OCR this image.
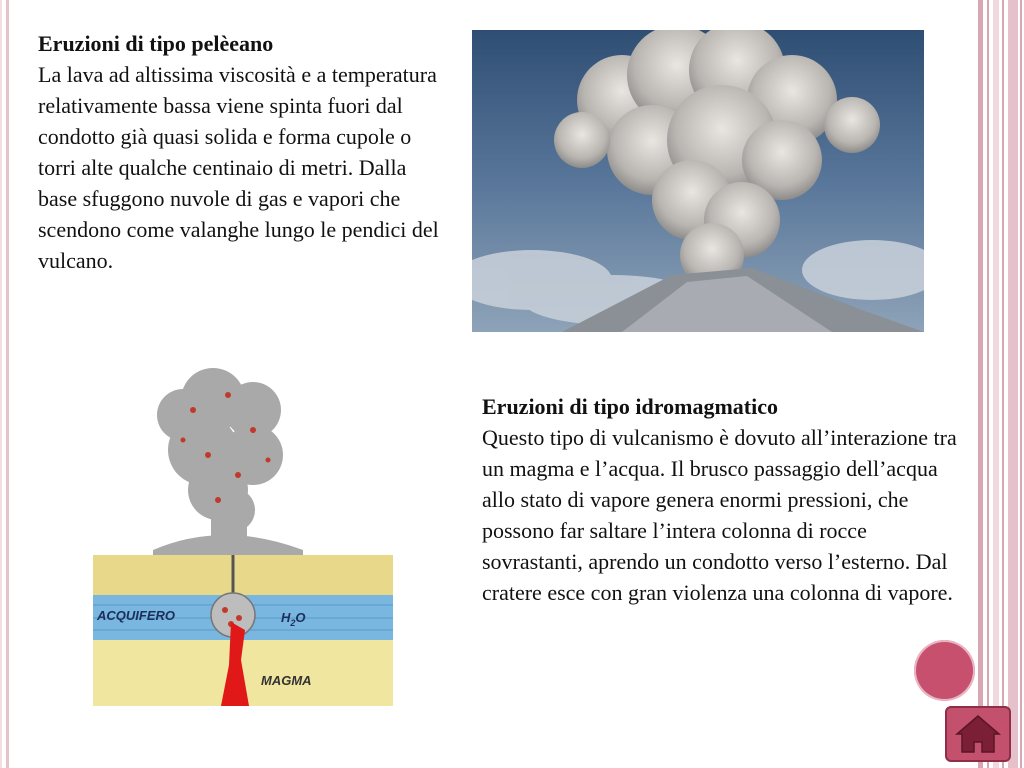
Eruzioni di tipo pelèeano
La lava ad altissima viscosità e a temperatura relativamente bassa viene spinta fuori dal condotto già quasi solida e forma cupole o torri alte qualche centinaio di metri. Dalla base sfuggono nuvole di gas e vapori che scendono come valanghe lungo le pendici del vulcano.
ACQUIFERO	$H_2O$
MAGMA
Eruzioni di tipo idromagmatico
Questo tipo di vulcanismo è dovuto all’interazione tra un magma e l’acqua. Il brusco passaggio dell’acqua allo stato di vapore genera enormi pressioni, che possono far saltare l’intera colonna di rocce sovrastanti, aprendo un condotto verso l’esterno. Dal cratere esce con gran violenza una colonna di vapore.
